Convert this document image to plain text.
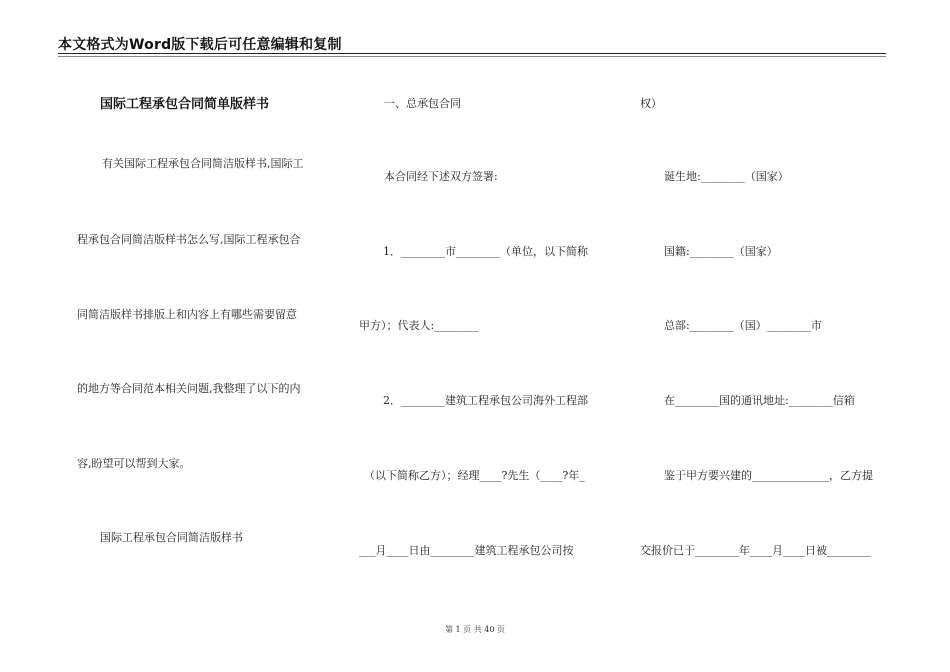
本文格式为Word版下载后可任意编辑和复制
国际工程承包合同简单版样书
有关国际工程承包合同简洁版样书,国际工
程承包合同简洁版样书怎么写,国际工程承包合
同简洁版样书排版上和内容上有哪些需要留意
的地方等合同范本相关问题,我整理了以下的内
容,盼望可以帮到大家。
国际工程承包合同简洁版样书
一、总承包合同
本合同经下述双方签署:
1．________市________（单位，以下简称
甲方）；代表人:________
2．________建筑工程承包公司海外工程部
（以下简称乙方）；经理____?先生（____?年_
___月____日由________建筑工程承包公司按
权）
诞生地:________（国家）
国籍:________（国家）
总部:________（国）________市
在________国的通讯地址:________信箱
鉴于甲方要兴建的______________，乙方提
交报价已于________年____月____日被________
第 1 页 共 40 页
